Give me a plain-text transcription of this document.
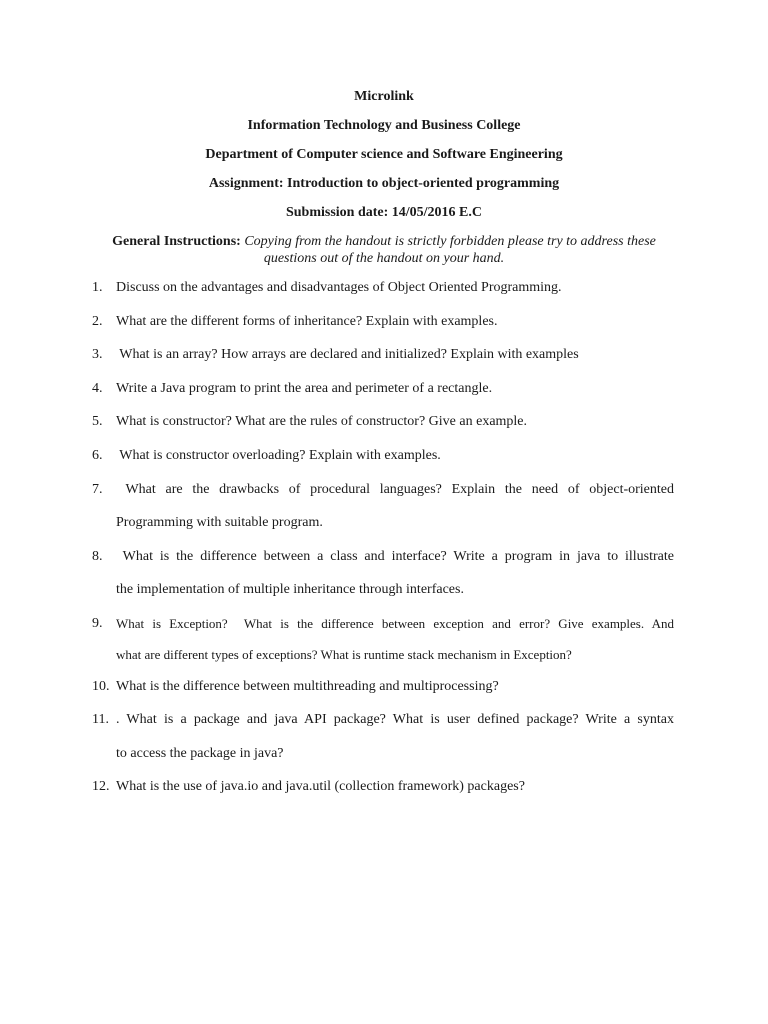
Microlink
Information Technology and Business College
Department of Computer science and Software Engineering
Assignment: Introduction to object-oriented programming
Submission date: 14/05/2016 E.C
General Instructions: Copying from the handout is strictly forbidden please try to address these questions out of the handout on your hand.
1. Discuss on the advantages and disadvantages of Object Oriented Programming.
2. What are the different forms of inheritance? Explain with examples.
3. What is an array? How arrays are declared and initialized? Explain with examples
4. Write a Java program to print the area and perimeter of a rectangle.
5. What is constructor? What are the rules of constructor? Give an example.
6. What is constructor overloading? Explain with examples.
7. What are the drawbacks of procedural languages? Explain the need of object-oriented
Programming with suitable program.
8. What is the difference between a class and interface? Write a program in java to illustrate
the implementation of multiple inheritance through interfaces.
9. What is Exception?  What is the difference between exception and error? Give examples. And
what are different types of exceptions? What is runtime stack mechanism in Exception?
10. What is the difference between multithreading and multiprocessing?
11. . What is a package and java API package? What is user defined package? Write a syntax
to access the package in java?
12. What is the use of java.io and java.util (collection framework) packages?
